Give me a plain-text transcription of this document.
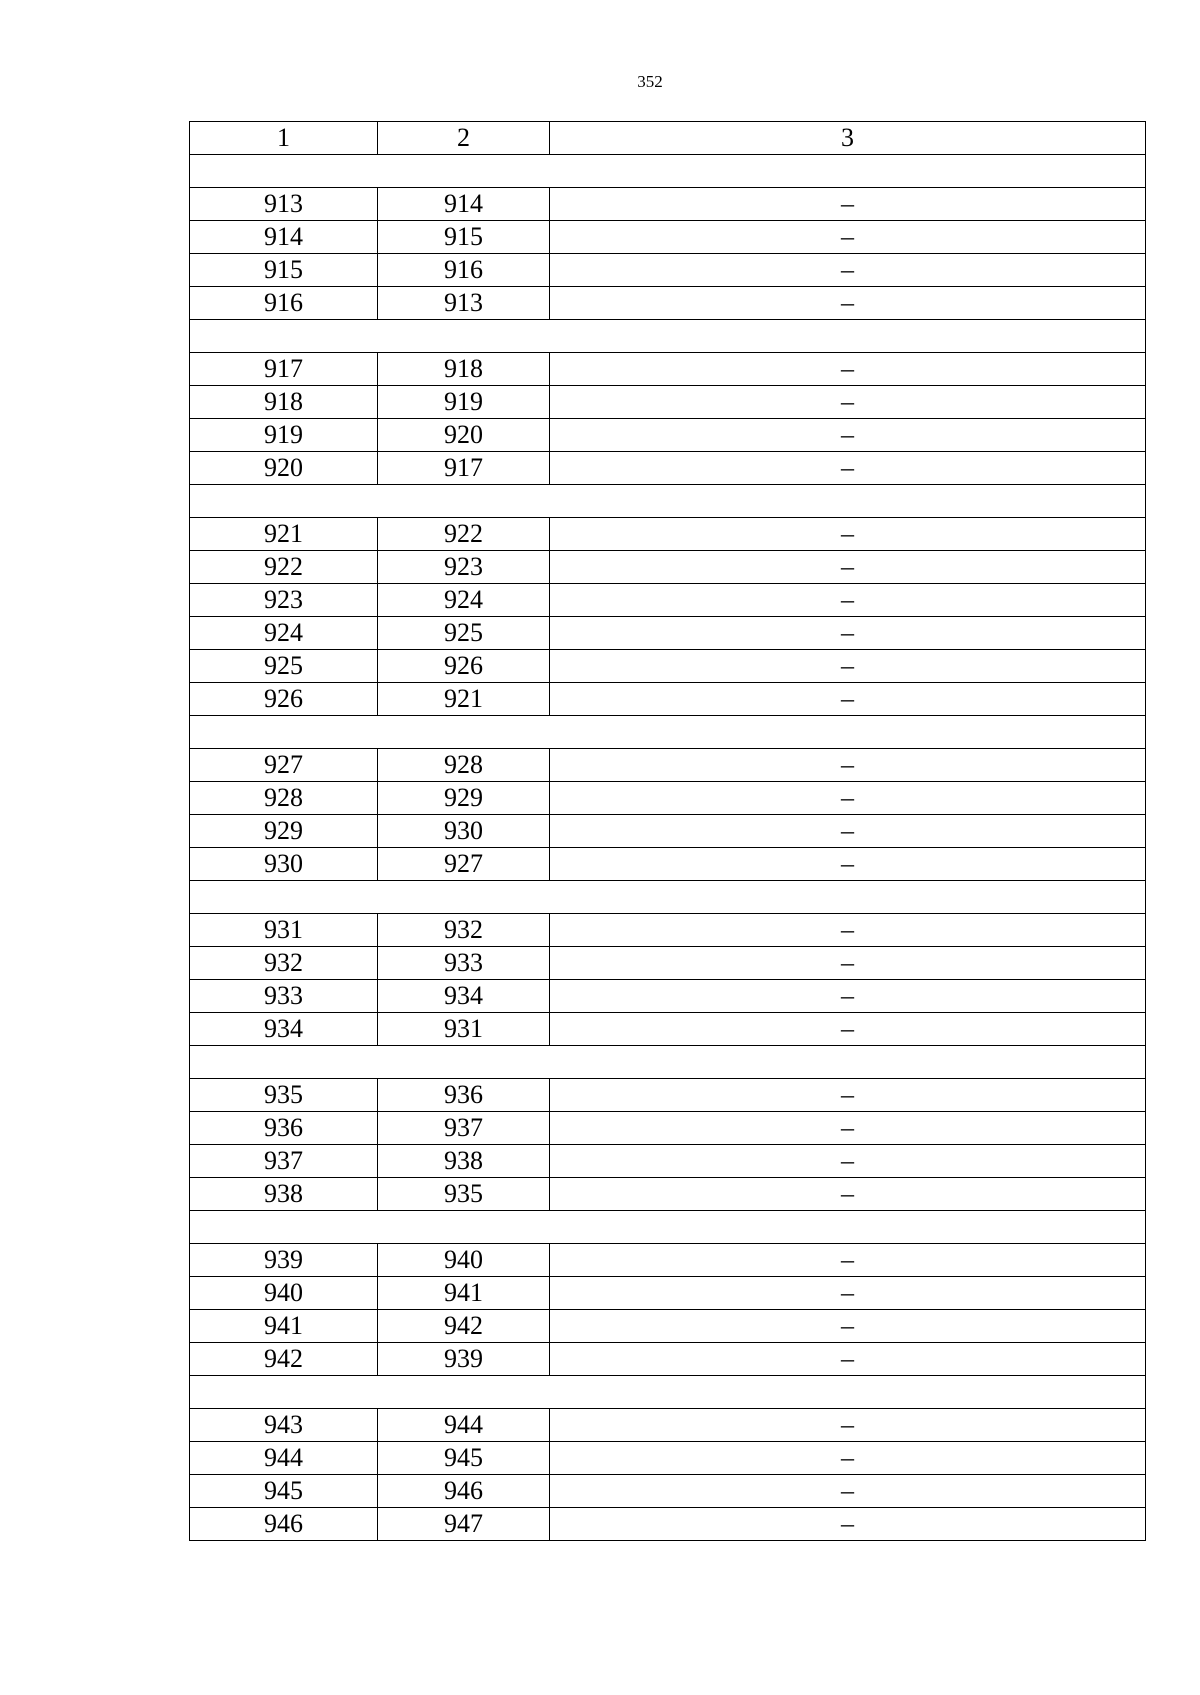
352
1	2	3

913	914	–
914	915	–
915	916	–
916	913	–

917	918	–
918	919	–
919	920	–
920	917	–

921	922	–
922	923	–
923	924	–
924	925	–
925	926	–
926	921	–

927	928	–
928	929	–
929	930	–
930	927	–

931	932	–
932	933	–
933	934	–
934	931	–

935	936	–
936	937	–
937	938	–
938	935	–

939	940	–
940	941	–
941	942	–
942	939	–

943	944	–
944	945	–
945	946	–
946	947	–
